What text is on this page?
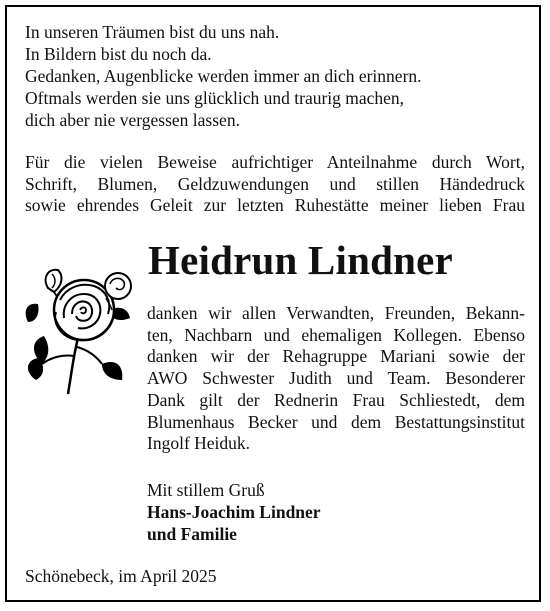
In unseren Träumen bist du uns nah.
In Bildern bist du noch da.
Gedanken, Augenblicke werden immer an dich erinnern.
Oftmals werden sie uns glücklich und traurig machen,
dich aber nie vergessen lassen.
Für die vielen Beweise aufrichtiger Anteilnahme durch Wort,
Schrift, Blumen, Geldzuwendungen und stillen Händedruck
sowie ehrendes Geleit zur letzten Ruhestätte meiner lieben Frau
Heidrun Lindner
danken wir allen Verwandten, Freunden, Bekann-
ten, Nachbarn und ehemaligen Kollegen. Ebenso
danken wir der Rehagruppe Mariani sowie der
AWO Schwester Judith und Team. Besonderer
Dank gilt der Rednerin Frau Schliestedt, dem
Blumenhaus Becker und dem Bestattungsinstitut
Ingolf Heiduk.
Mit stillem Gruß
Hans-Joachim Lindner
und Familie
Schönebeck, im April 2025
